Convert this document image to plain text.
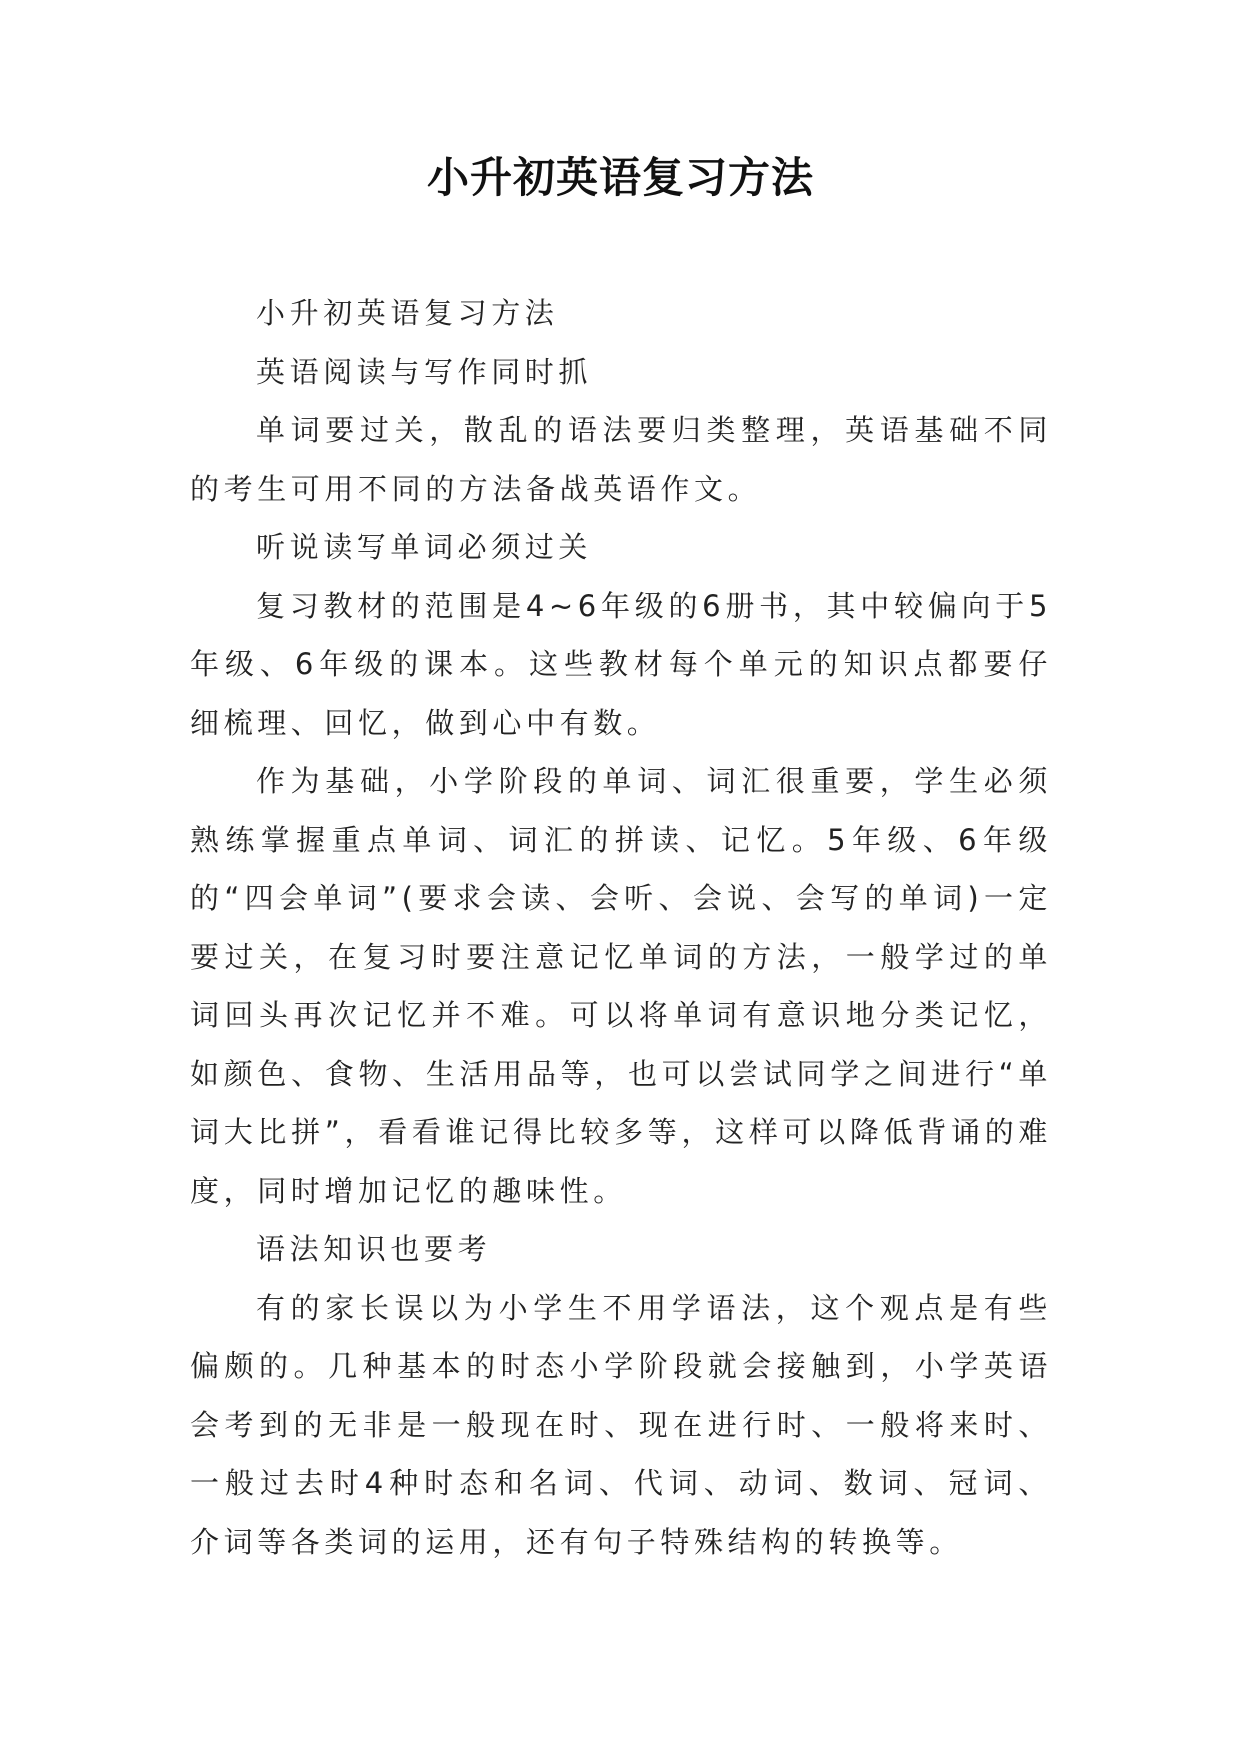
小升初英语复习方法

小升初英语复习方法

英语阅读与写作同时抓

单词要过关，散乱的语法要归类整理，英语基础不同的考生可用不同的方法备战英语作文。

听说读写单词必须过关

复习教材的范围是4~6年级的6册书，其中较偏向于5年级、6年级的课本。这些教材每个单元的知识点都要仔细梳理、回忆，做到心中有数。

作为基础，小学阶段的单词、词汇很重要，学生必须熟练掌握重点单词、词汇的拼读、记忆。5年级、6年级的“四会单词”(要求会读、会听、会说、会写的单词)一定要过关，在复习时要注意记忆单词的方法，一般学过的单词回头再次记忆并不难。可以将单词有意识地分类记忆，如颜色、食物、生活用品等，也可以尝试同学之间进行“单词大比拼”，看看谁记得比较多等，这样可以降低背诵的难度，同时增加记忆的趣味性。

语法知识也要考

有的家长误以为小学生不用学语法，这个观点是有些偏颇的。几种基本的时态小学阶段就会接触到，小学英语会考到的无非是一般现在时、现在进行时、一般将来时、一般过去时4种时态和名词、代词、动词、数词、冠词、介词等各类词的运用，还有句子特殊结构的转换等。
